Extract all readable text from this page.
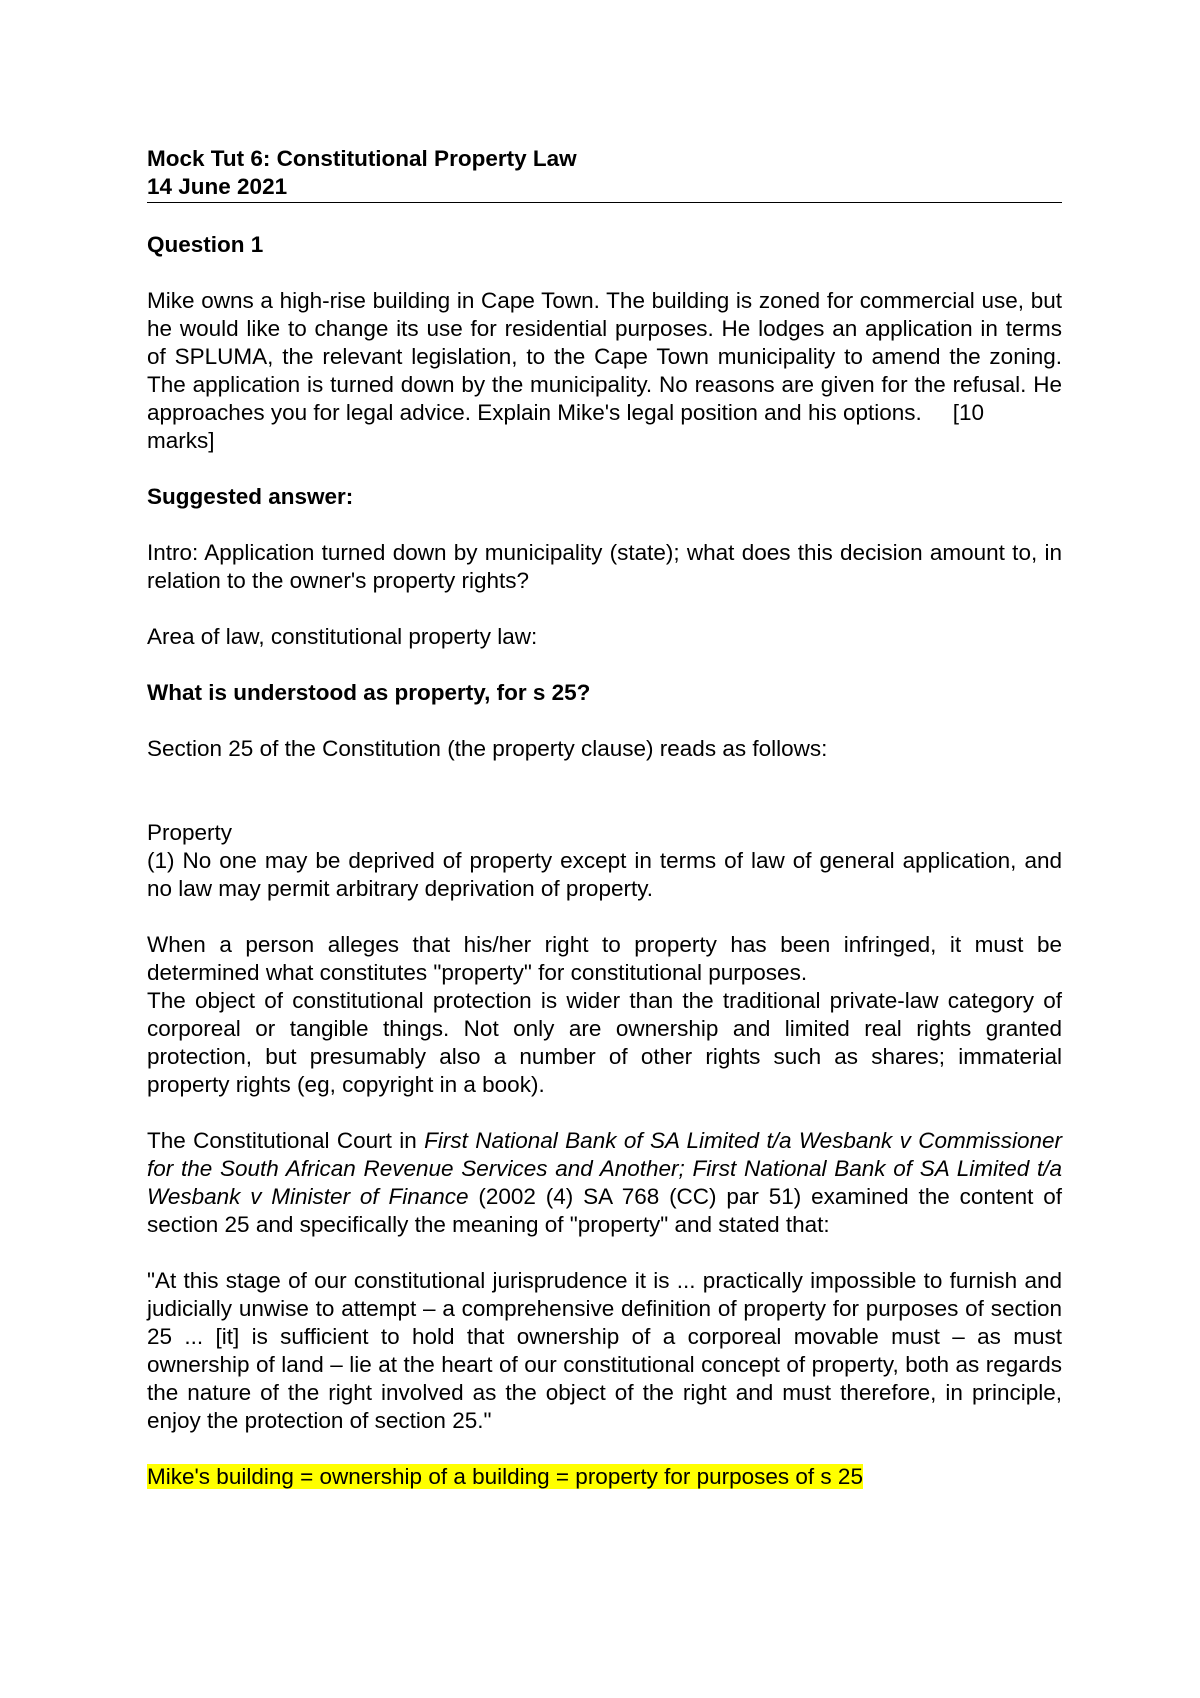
Mock Tut 6: Constitutional Property Law

14 June 2021

Question 1

Mike owns a high-rise building in Cape Town. The building is zoned for commercial use, but he would like to change its use for residential purposes. He lodges an application in terms of SPLUMA, the relevant legislation, to the Cape Town municipality to amend the zoning. The application is turned down by the municipality. No reasons are given for the refusal. He approaches you for legal advice. Explain Mike's legal position and his options. [10

marks]

Suggested answer:

Intro: Application turned down by municipality (state); what does this decision amount to, in relation to the owner's property rights?

Area of law, constitutional property law:

What is understood as property, for s 25?

Section 25 of the Constitution (the property clause) reads as follows:

Property

(1) No one may be deprived of property except in terms of law of general application, and no law may permit arbitrary deprivation of property.

When a person alleges that his/her right to property has been infringed, it must be determined what constitutes "property" for constitutional purposes.

The object of constitutional protection is wider than the traditional private-law category of corporeal or tangible things. Not only are ownership and limited real rights granted protection, but presumably also a number of other rights such as shares; immaterial property rights (eg, copyright in a book).

The Constitutional Court in First National Bank of SA Limited t/a Wesbank v Commissioner for the South African Revenue Services and Another; First National Bank of SA Limited t/a Wesbank v Minister of Finance (2002 (4) SA 768 (CC) par 51) examined the content of section 25 and specifically the meaning of "property" and stated that:

"At this stage of our constitutional jurisprudence it is ... practically impossible to furnish and judicially unwise to attempt – a comprehensive definition of property for purposes of section 25 ... [it] is sufficient to hold that ownership of a corporeal movable must – as must ownership of land – lie at the heart of our constitutional concept of property, both as regards the nature of the right involved as the object of the right and must therefore, in principle, enjoy the protection of section 25."

Mike's building = ownership of a building = property for purposes of s 25
